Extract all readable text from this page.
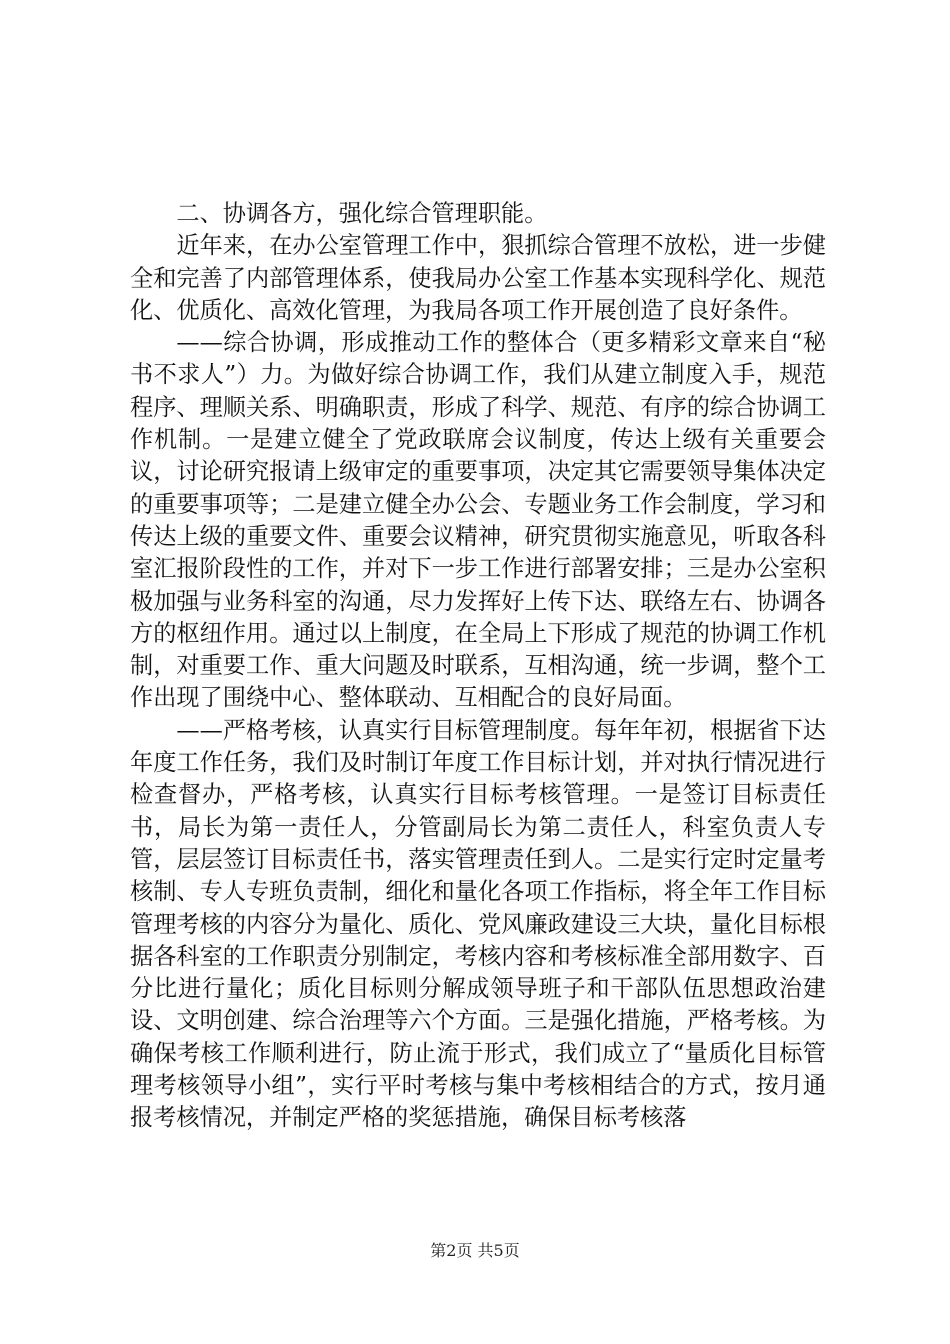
二、协调各方，强化综合管理职能。

近年来，在办公室管理工作中，狠抓综合管理不放松，进一步健全和完善了内部管理体系，使我局办公室工作基本实现科学化、规范化、优质化、高效化管理，为我局各项工作开展创造了良好条件。

——综合协调，形成推动工作的整体合（更多精彩文章来自“秘书不求人”）力。为做好综合协调工作，我们从建立制度入手，规范程序、理顺关系、明确职责，形成了科学、规范、有序的综合协调工作机制。一是建立健全了党政联席会议制度，传达上级有关重要会议，讨论研究报请上级审定的重要事项，决定其它需要领导集体决定的重要事项等；二是建立健全办公会、专题业务工作会制度，学习和传达上级的重要文件、重要会议精神，研究贯彻实施意见，听取各科室汇报阶段性的工作，并对下一步工作进行部署安排；三是办公室积极加强与业务科室的沟通，尽力发挥好上传下达、联络左右、协调各方的枢纽作用。通过以上制度，在全局上下形成了规范的协调工作机制，对重要工作、重大问题及时联系，互相沟通，统一步调，整个工作出现了围绕中心、整体联动、互相配合的良好局面。

——严格考核，认真实行目标管理制度。每年年初，根据省下达年度工作任务，我们及时制订年度工作目标计划，并对执行情况进行检查督办，严格考核，认真实行目标考核管理。一是签订目标责任书，局长为第一责任人，分管副局长为第二责任人，科室负责人专管，层层签订目标责任书，落实管理责任到人。二是实行定时定量考核制、专人专班负责制，细化和量化各项工作指标，将全年工作目标管理考核的内容分为量化、质化、党风廉政建设三大块，量化目标根据各科室的工作职责分别制定，考核内容和考核标准全部用数字、百分比进行量化；质化目标则分解成领导班子和干部队伍思想政治建设、文明创建、综合治理等六个方面。三是强化措施，严格考核。为确保考核工作顺利进行，防止流于形式，我们成立了“量质化目标管理考核领导小组”，实行平时考核与集中考核相结合的方式，按月通报考核情况，并制定严格的奖惩措施，确保目标考核落

第2页 共5页
